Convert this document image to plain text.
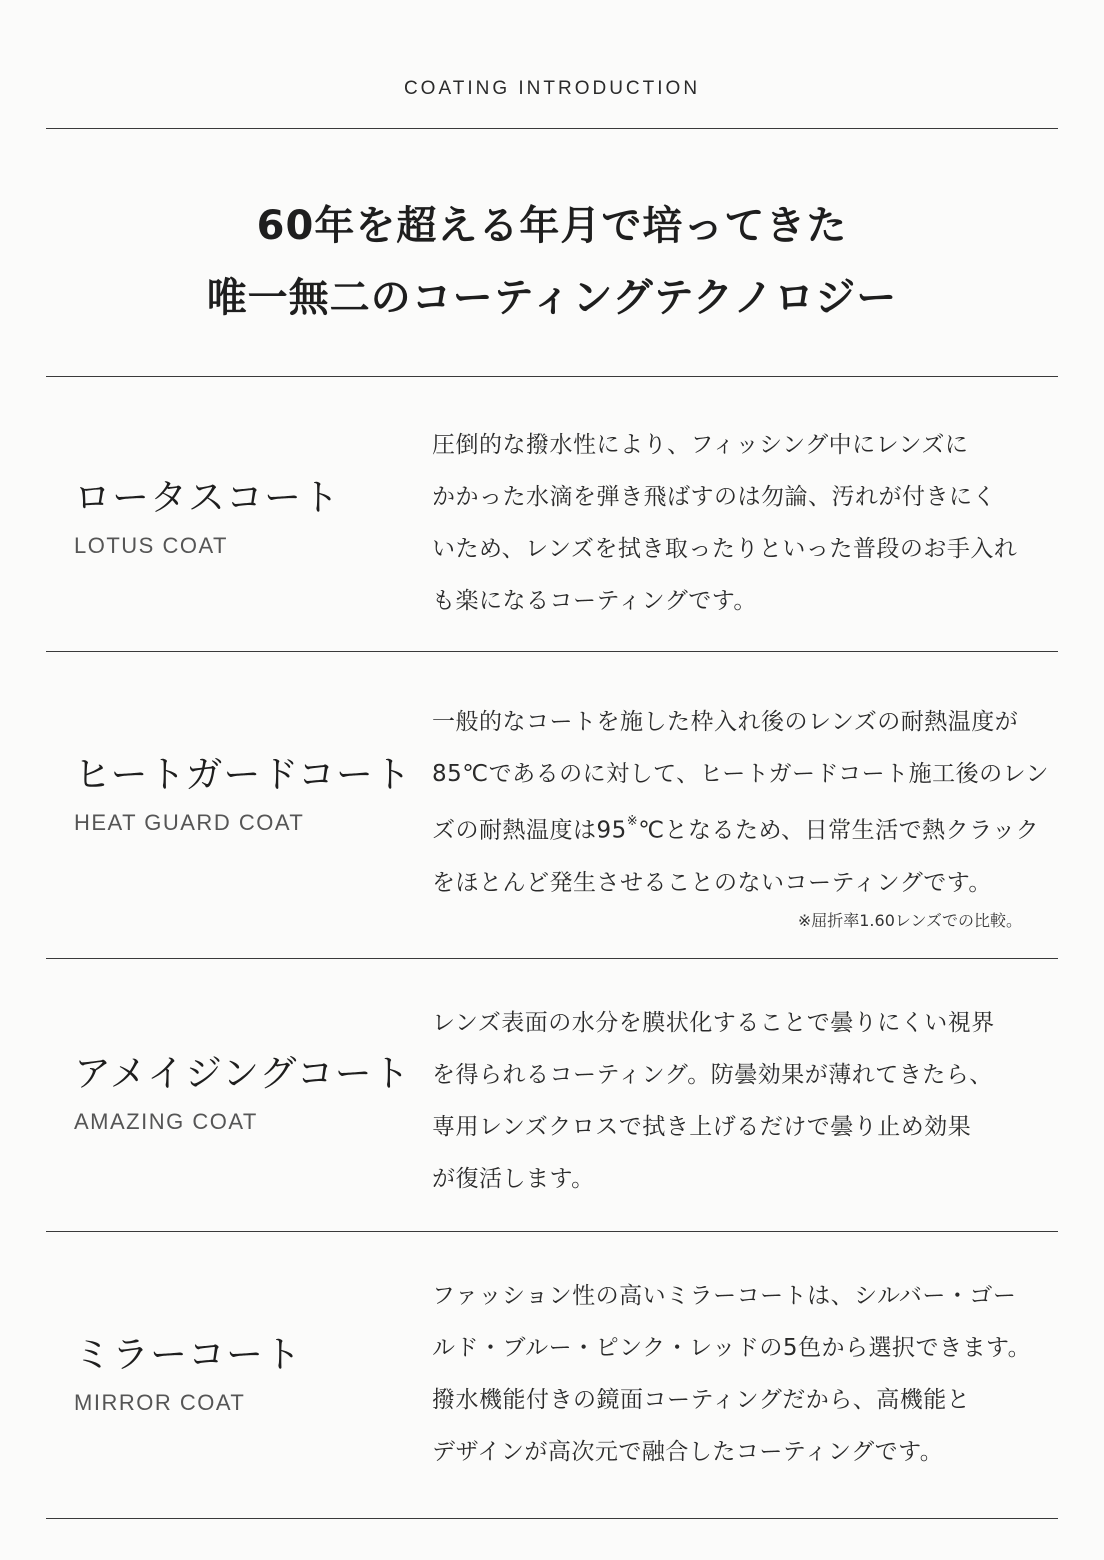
COATING INTRODUCTION
60年を超える年月で培ってきた
唯一無二のコーティングテクノロジー
ロータスコート
LOTUS COAT

圧倒的な撥水性により、フィッシング中にレンズに

かかった水滴を弾き飛ばすのは勿論、汚れが付きにく

いため、レンズを拭き取ったりといった普段のお手入れ

も楽になるコーティングです。

ヒートガードコート
HEAT GUARD COAT

一般的なコートを施した枠入れ後のレンズの耐熱温度が

85℃であるのに対して、ヒートガードコート施工後のレン

ズの耐熱温度は95※℃となるため、日常生活で熱クラック

をほとんど発生させることのないコーティングです。

※屈折率1.60レンズでの比較。
アメイジングコート
AMAZING COAT

レンズ表面の水分を膜状化することで曇りにくい視界

を得られるコーティング。防曇効果が薄れてきたら、

専用レンズクロスで拭き上げるだけで曇り止め効果

が復活します。

ミラーコート
MIRROR COAT

ファッション性の高いミラーコートは、シルバー・ゴー

ルド・ブルー・ピンク・レッドの5色から選択できます。

撥水機能付きの鏡面コーティングだから、高機能と

デザインが高次元で融合したコーティングです。
